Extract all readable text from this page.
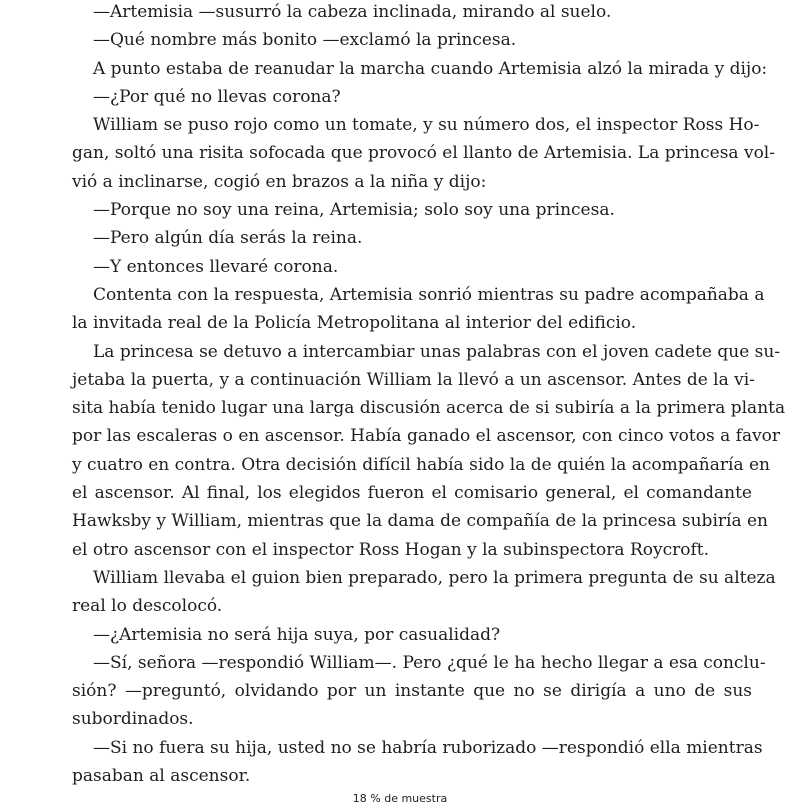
—Artemisia —susurró la cabeza inclinada, mirando al suelo.
—Qué nombre más bonito —exclamó la princesa.
A punto estaba de reanudar la marcha cuando Artemisia alzó la mirada y dijo:
—¿Por qué no llevas corona?
William se puso rojo como un tomate, y su número dos, el inspector Ross Ho-
gan, soltó una risita sofocada que provocó el llanto de Artemisia. La princesa vol-
vió a inclinarse, cogió en brazos a la niña y dijo:
—Porque no soy una reina, Artemisia; solo soy una princesa.
—Pero algún día serás la reina.
—Y entonces llevaré corona.
Contenta con la respuesta, Artemisia sonrió mientras su padre acompañaba a
la invitada real de la Policía Metropolitana al interior del edificio.
La princesa se detuvo a intercambiar unas palabras con el joven cadete que su-
jetaba la puerta, y a continuación William la llevó a un ascensor. Antes de la vi-
sita había tenido lugar una larga discusión acerca de si subiría a la primera planta
por las escaleras o en ascensor. Había ganado el ascensor, con cinco votos a favor
y cuatro en contra. Otra decisión difícil había sido la de quién la acompañaría en
el ascensor. Al final, los elegidos fueron el comisario general, el comandante
Hawksby y William, mientras que la dama de compañía de la princesa subiría en
el otro ascensor con el inspector Ross Hogan y la subinspectora Roycroft.
William llevaba el guion bien preparado, pero la primera pregunta de su alteza
real lo descolocó.
—¿Artemisia no será hija suya, por casualidad?
—Sí, señora —respondió William—. Pero ¿qué le ha hecho llegar a esa conclu-
sión? —preguntó, olvidando por un instante que no se dirigía a uno de sus
subordinados.
—Si no fuera su hija, usted no se habría ruborizado —respondió ella mientras
pasaban al ascensor.
18 % de muestra
